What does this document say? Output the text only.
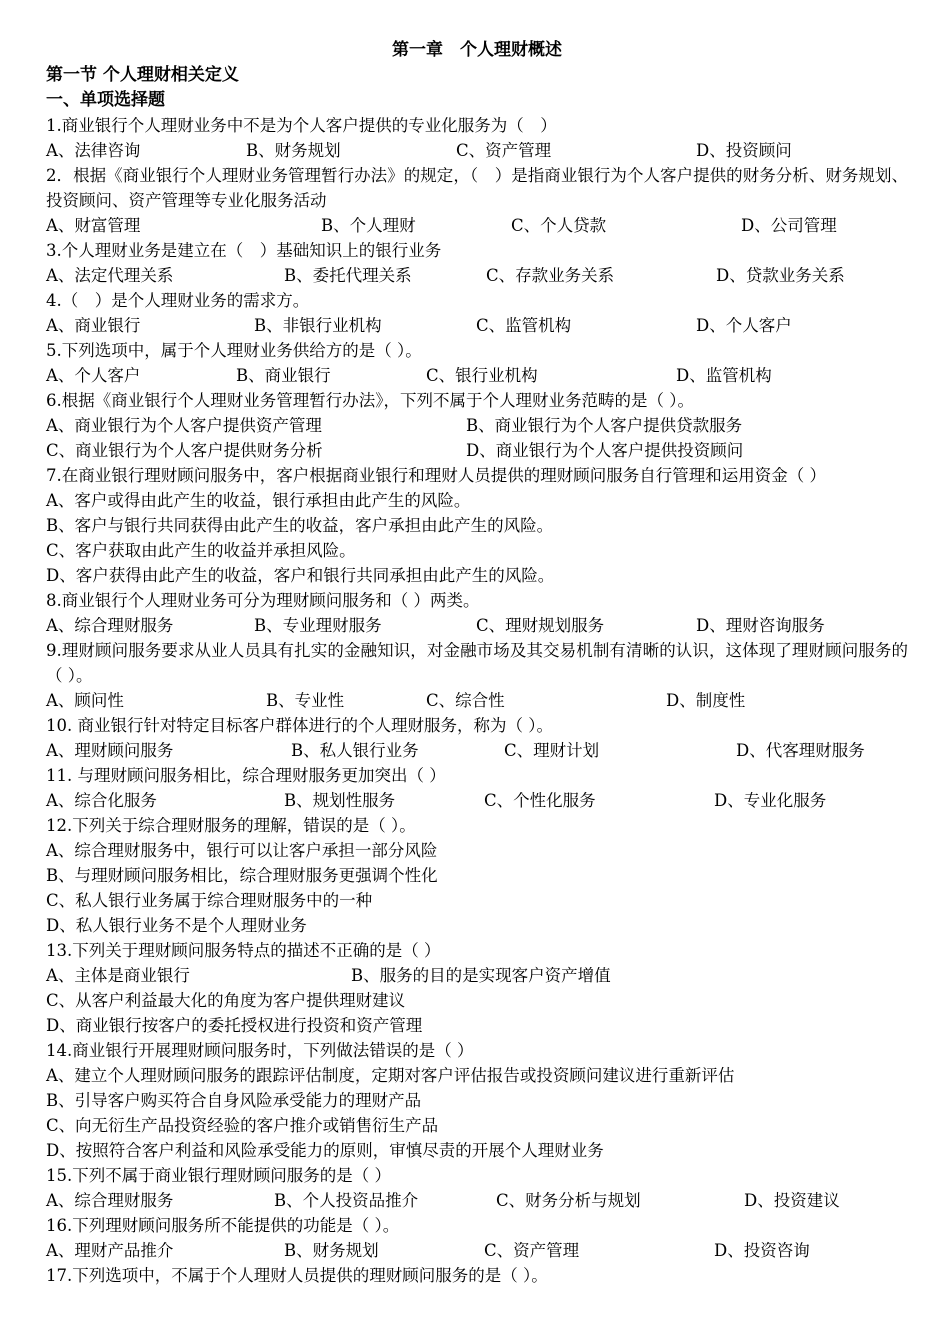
第一章　个人理财概述
第一节 个人理财相关定义
一、单项选择题
1.商业银行个人理财业务中不是为个人客户提供的专业化服务为（　）
A、法律咨询	B、财务规划	C、资产管理	D、投资顾问
2．根据《商业银行个人理财业务管理暂行办法》的规定，（　）是指商业银行为个人客户提供的财务分析、财务规划、投资顾问、资产管理等专业化服务活动
A、财富管理	B、个人理财	C、个人贷款	D、公司管理
3.个人理财业务是建立在（　）基础知识上的银行业务
A、法定代理关系	B、委托代理关系	C、存款业务关系	D、贷款业务关系
4.（　）是个人理财业务的需求方。
A、商业银行	B、非银行业机构	C、监管机构	D、个人客户
5.下列选项中，属于个人理财业务供给方的是（ ）。
A、个人客户	B、商业银行	C、银行业机构	D、监管机构
6.根据《商业银行个人理财业务管理暂行办法》，下列不属于个人理财业务范畴的是（ ）。
A、商业银行为个人客户提供资产管理	B、商业银行为个人客户提供贷款服务
C、商业银行为个人客户提供财务分析	D、商业银行为个人客户提供投资顾问
7.在商业银行理财顾问服务中，客户根据商业银行和理财人员提供的理财顾问服务自行管理和运用资金（ ）
A、客户或得由此产生的收益，银行承担由此产生的风险。
B、客户与银行共同获得由此产生的收益，客户承担由此产生的风险。
C、客户获取由此产生的收益并承担风险。
D、客户获得由此产生的收益，客户和银行共同承担由此产生的风险。
8.商业银行个人理财业务可分为理财顾问服务和（ ）两类。
A、综合理财服务	B、专业理财服务	C、理财规划服务	D、理财咨询服务
9.理财顾问服务要求从业人员具有扎实的金融知识，对金融市场及其交易机制有清晰的认识，这体现了理财顾问服务的（ ）。
A、顾问性	B、专业性	C、综合性	D、制度性
10. 商业银行针对特定目标客户群体进行的个人理财服务，称为（ ）。
A、理财顾问服务	B、私人银行业务	C、理财计划	D、代客理财服务
11. 与理财顾问服务相比，综合理财服务更加突出（ ）
A、综合化服务	B、规划性服务	C、个性化服务	D、专业化服务
12.下列关于综合理财服务的理解，错误的是（ ）。
A、综合理财服务中，银行可以让客户承担一部分风险
B、与理财顾问服务相比，综合理财服务更强调个性化
C、私人银行业务属于综合理财服务中的一种
D、私人银行业务不是个人理财业务
13.下列关于理财顾问服务特点的描述不正确的是（ ）
A、主体是商业银行	B、服务的目的是实现客户资产增值
C、从客户利益最大化的角度为客户提供理财建议
D、商业银行按客户的委托授权进行投资和资产管理
14.商业银行开展理财顾问服务时，下列做法错误的是（ ）
A、建立个人理财顾问服务的跟踪评估制度，定期对客户评估报告或投资顾问建议进行重新评估
B、引导客户购买符合自身风险承受能力的理财产品
C、向无衍生产品投资经验的客户推介或销售衍生产品
D、按照符合客户利益和风险承受能力的原则，审慎尽责的开展个人理财业务
15.下列不属于商业银行理财顾问服务的是（ ）
A、综合理财服务	B、个人投资品推介	C、财务分析与规划	D、投资建议
16.下列理财顾问服务所不能提供的功能是（ ）。
A、理财产品推介	B、财务规划	C、资产管理	D、投资咨询
17.下列选项中，不属于个人理财人员提供的理财顾问服务的是（ ）。
